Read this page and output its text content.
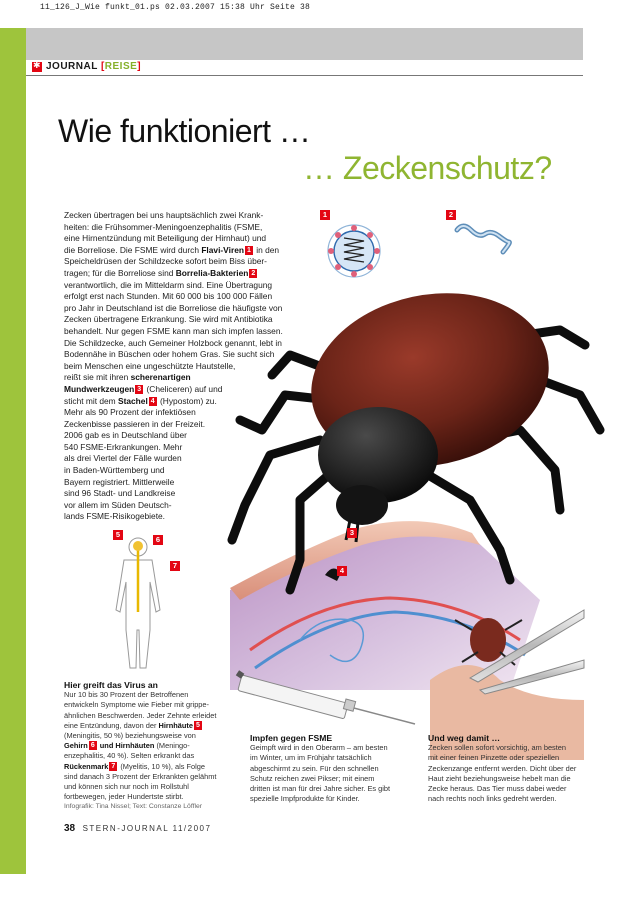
11_126_J_Wie funkt_01.ps 02.03.2007 15:38 Uhr Seite 38
✱
JOURNAL [REISE]
Wie funktioniert …
… Zeckenschutz?
1	2
3
4
5
6
7
Zecken übertragen bei uns hauptsächlich zwei Krank-
heiten: die Frühsommer-Meningoenzephalitis (FSME,
eine Hirnentzündung mit Beteiligung der Hirnhaut) und
die Borreliose. Die FSME wird durch Flavi-Viren 1 in den
Speicheldrüsen der Schildzecke sofort beim Biss über-
tragen; für die Borreliose sind Borrelia-Bakterien 2
verantwortlich, die im Mitteldarm sind. Eine Übertragung
erfolgt erst nach Stunden. Mit 60 000 bis 100 000 Fällen
pro Jahr in Deutschland ist die Borreliose die häufigste von
Zecken übertragene Erkrankung. Sie wird mit Antibiotika
behandelt. Nur gegen FSME kann man sich impfen lassen.
Die Schildzecke, auch Gemeiner Holzbock genannt, lebt in
Bodennähe in Büschen oder hohem Gras. Sie sucht sich
beim Menschen eine ungeschützte Hautstelle,
reißt sie mit ihren scherenartigen
Mundwerkzeugen 3 (Cheliceren) auf und
sticht mit dem Stachel 4 (Hypostom) zu.
Mehr als 90 Prozent der infektiösen
Zeckenbisse passieren in der Freizeit.
2006 gab es in Deutschland über
540 FSME-Erkrankungen. Mehr
als drei Viertel der Fälle wurden
in Baden-Württemberg und
Bayern registriert. Mittlerweile
sind 96 Stadt- und Landkreise
vor allem im Süden Deutsch-
lands FSME-Risikogebiete.
Hier greift das Virus an
Nur 10 bis 30 Prozent der Betroffenen
entwickeln Symptome wie Fieber mit grippe-
ähnlichen Beschwerden. Jeder Zehnte erleidet
eine Entzündung, davon der Hirnhäute 5
(Meningitis, 50 %) beziehungsweise von
Gehirn 6 und Hirnhäuten (Meningo-
enzephalitis, 40 %). Selten erkrankt das
Rückenmark 7 (Myelitis, 10 %), als Folge
sind danach 3 Prozent der Erkrankten gelähmt
und können sich nur noch im Rollstuhl
fortbewegen, jeder Hundertste stirbt.
Impfen gegen FSME
Geimpft wird in den Oberarm – am besten
im Winter, um im Frühjahr tatsächlich
abgeschirmt zu sein. Für den schnellen
Schutz reichen zwei Pikser; mit einem
dritten ist man für drei Jahre sicher. Es gibt
spezielle Impfprodukte für Kinder.
Und weg damit …
Zecken sollen sofort vorsichtig, am besten
mit einer feinen Pinzette oder speziellen
Zeckenzange entfernt werden. Dicht über der
Haut zieht beziehungsweise hebelt man die
Zecke heraus. Das Tier muss dabei weder
nach rechts noch links gedreht werden.
Infografik: Tina Nissel; Text: Constanze Löffler
38 STERN-JOURNAL 11/2007
